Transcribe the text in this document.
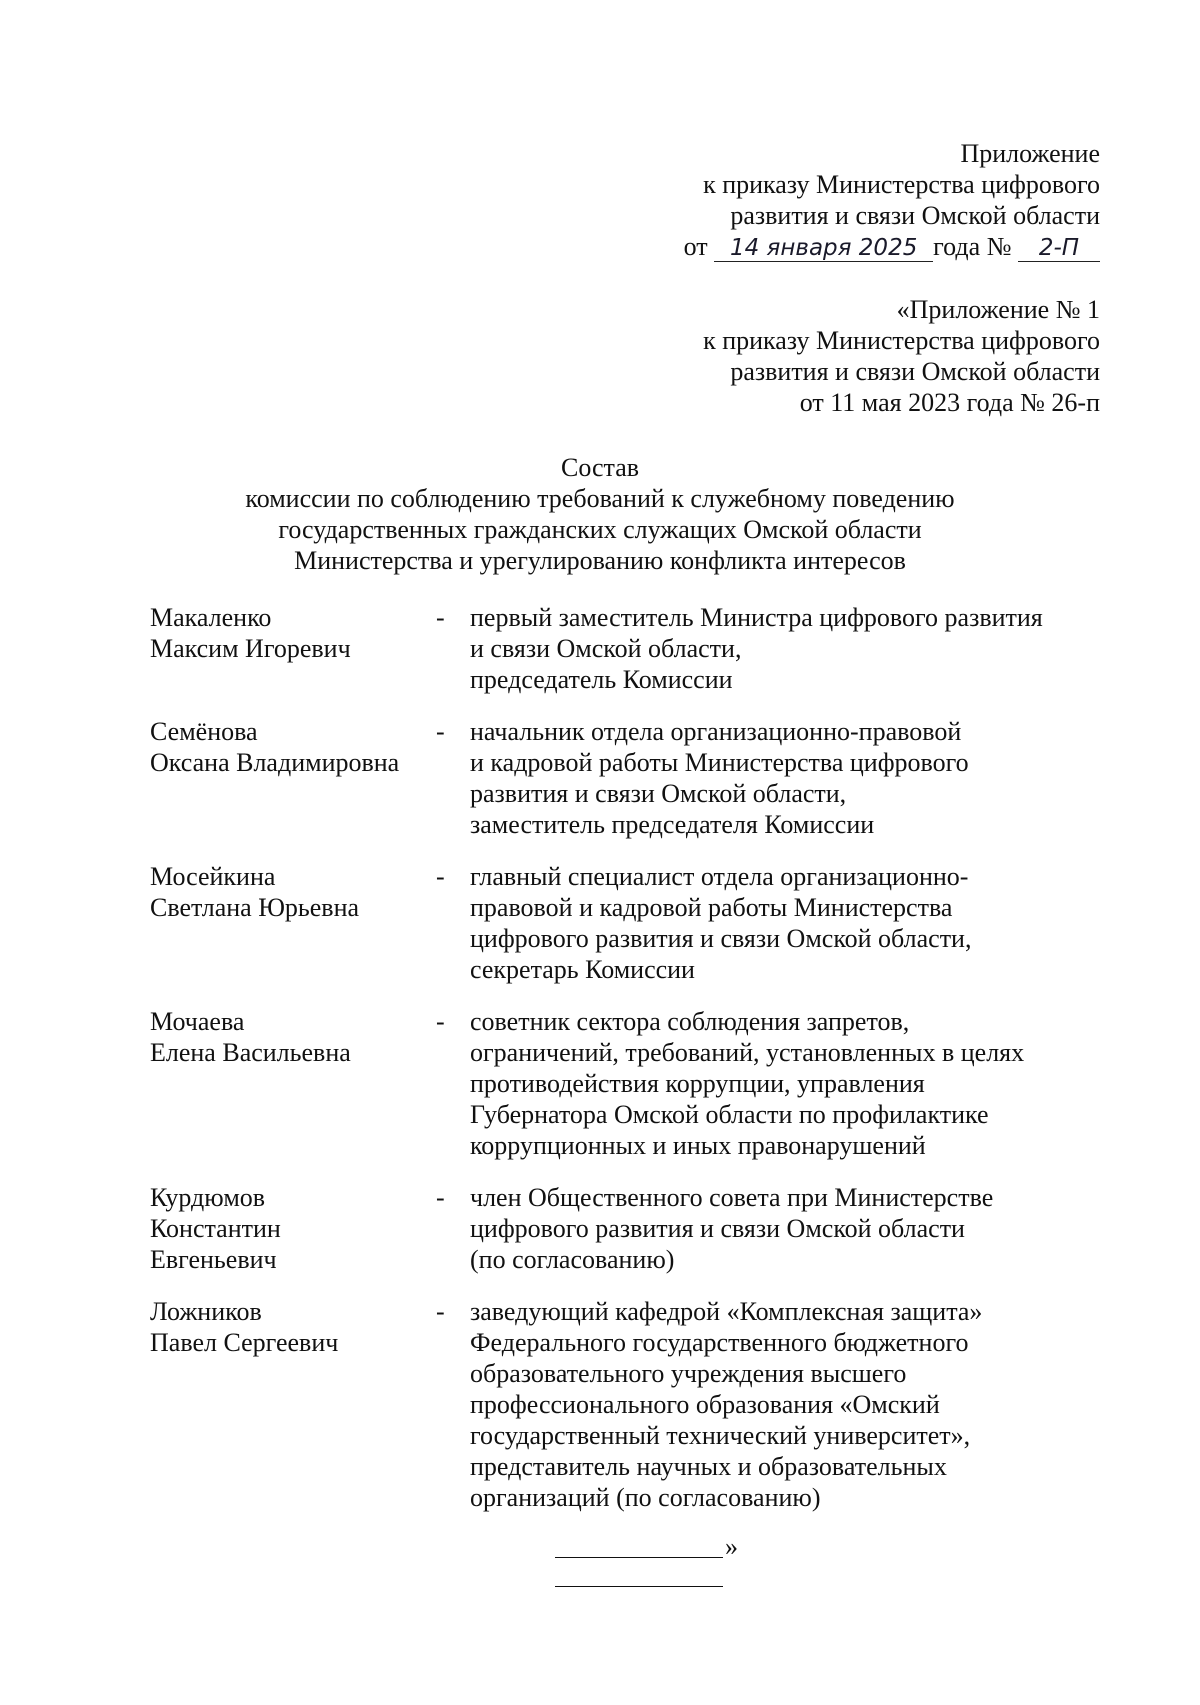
Приложение
к приказу Министерства цифрового
развития и связи Омской области
от 14 января 2025 года № 2-П
«Приложение № 1
к приказу Министерства цифрового
развития и связи Омской области
от 11 мая 2023 года № 26-п
Состав
комиссии по соблюдению требований к служебному поведению
государственных гражданских служащих Омской области
Министерства и урегулированию конфликта интересов
Макаленко
Максим Игоревич
- первый заместитель Министра цифрового развития
и связи Омской области,
председатель Комиссии
Семёнова
Оксана Владимировна
- начальник отдела организационно-правовой
и кадровой работы Министерства цифрового
развития и связи Омской области,
заместитель председателя Комиссии
Мосейкина
Светлана Юрьевна
- главный специалист отдела организационно-
правовой и кадровой работы Министерства
цифрового развития и связи Омской области,
секретарь Комиссии
Мочаева
Елена Васильевна
- советник сектора соблюдения запретов,
ограничений, требований, установленных в целях
противодействия коррупции, управления
Губернатора Омской области по профилактике
коррупционных и иных правонарушений
Курдюмов
Константин
Евгеньевич
- член Общественного совета при Министерстве
цифрового развития и связи Омской области
(по согласованию)
Ложников
Павел Сергеевич
- заведующий кафедрой «Комплексная защита»
Федерального государственного бюджетного
образовательного учреждения высшего
профессионального образования «Омский
государственный технический университет»,
представитель научных и образовательных
организаций (по согласованию)
»
